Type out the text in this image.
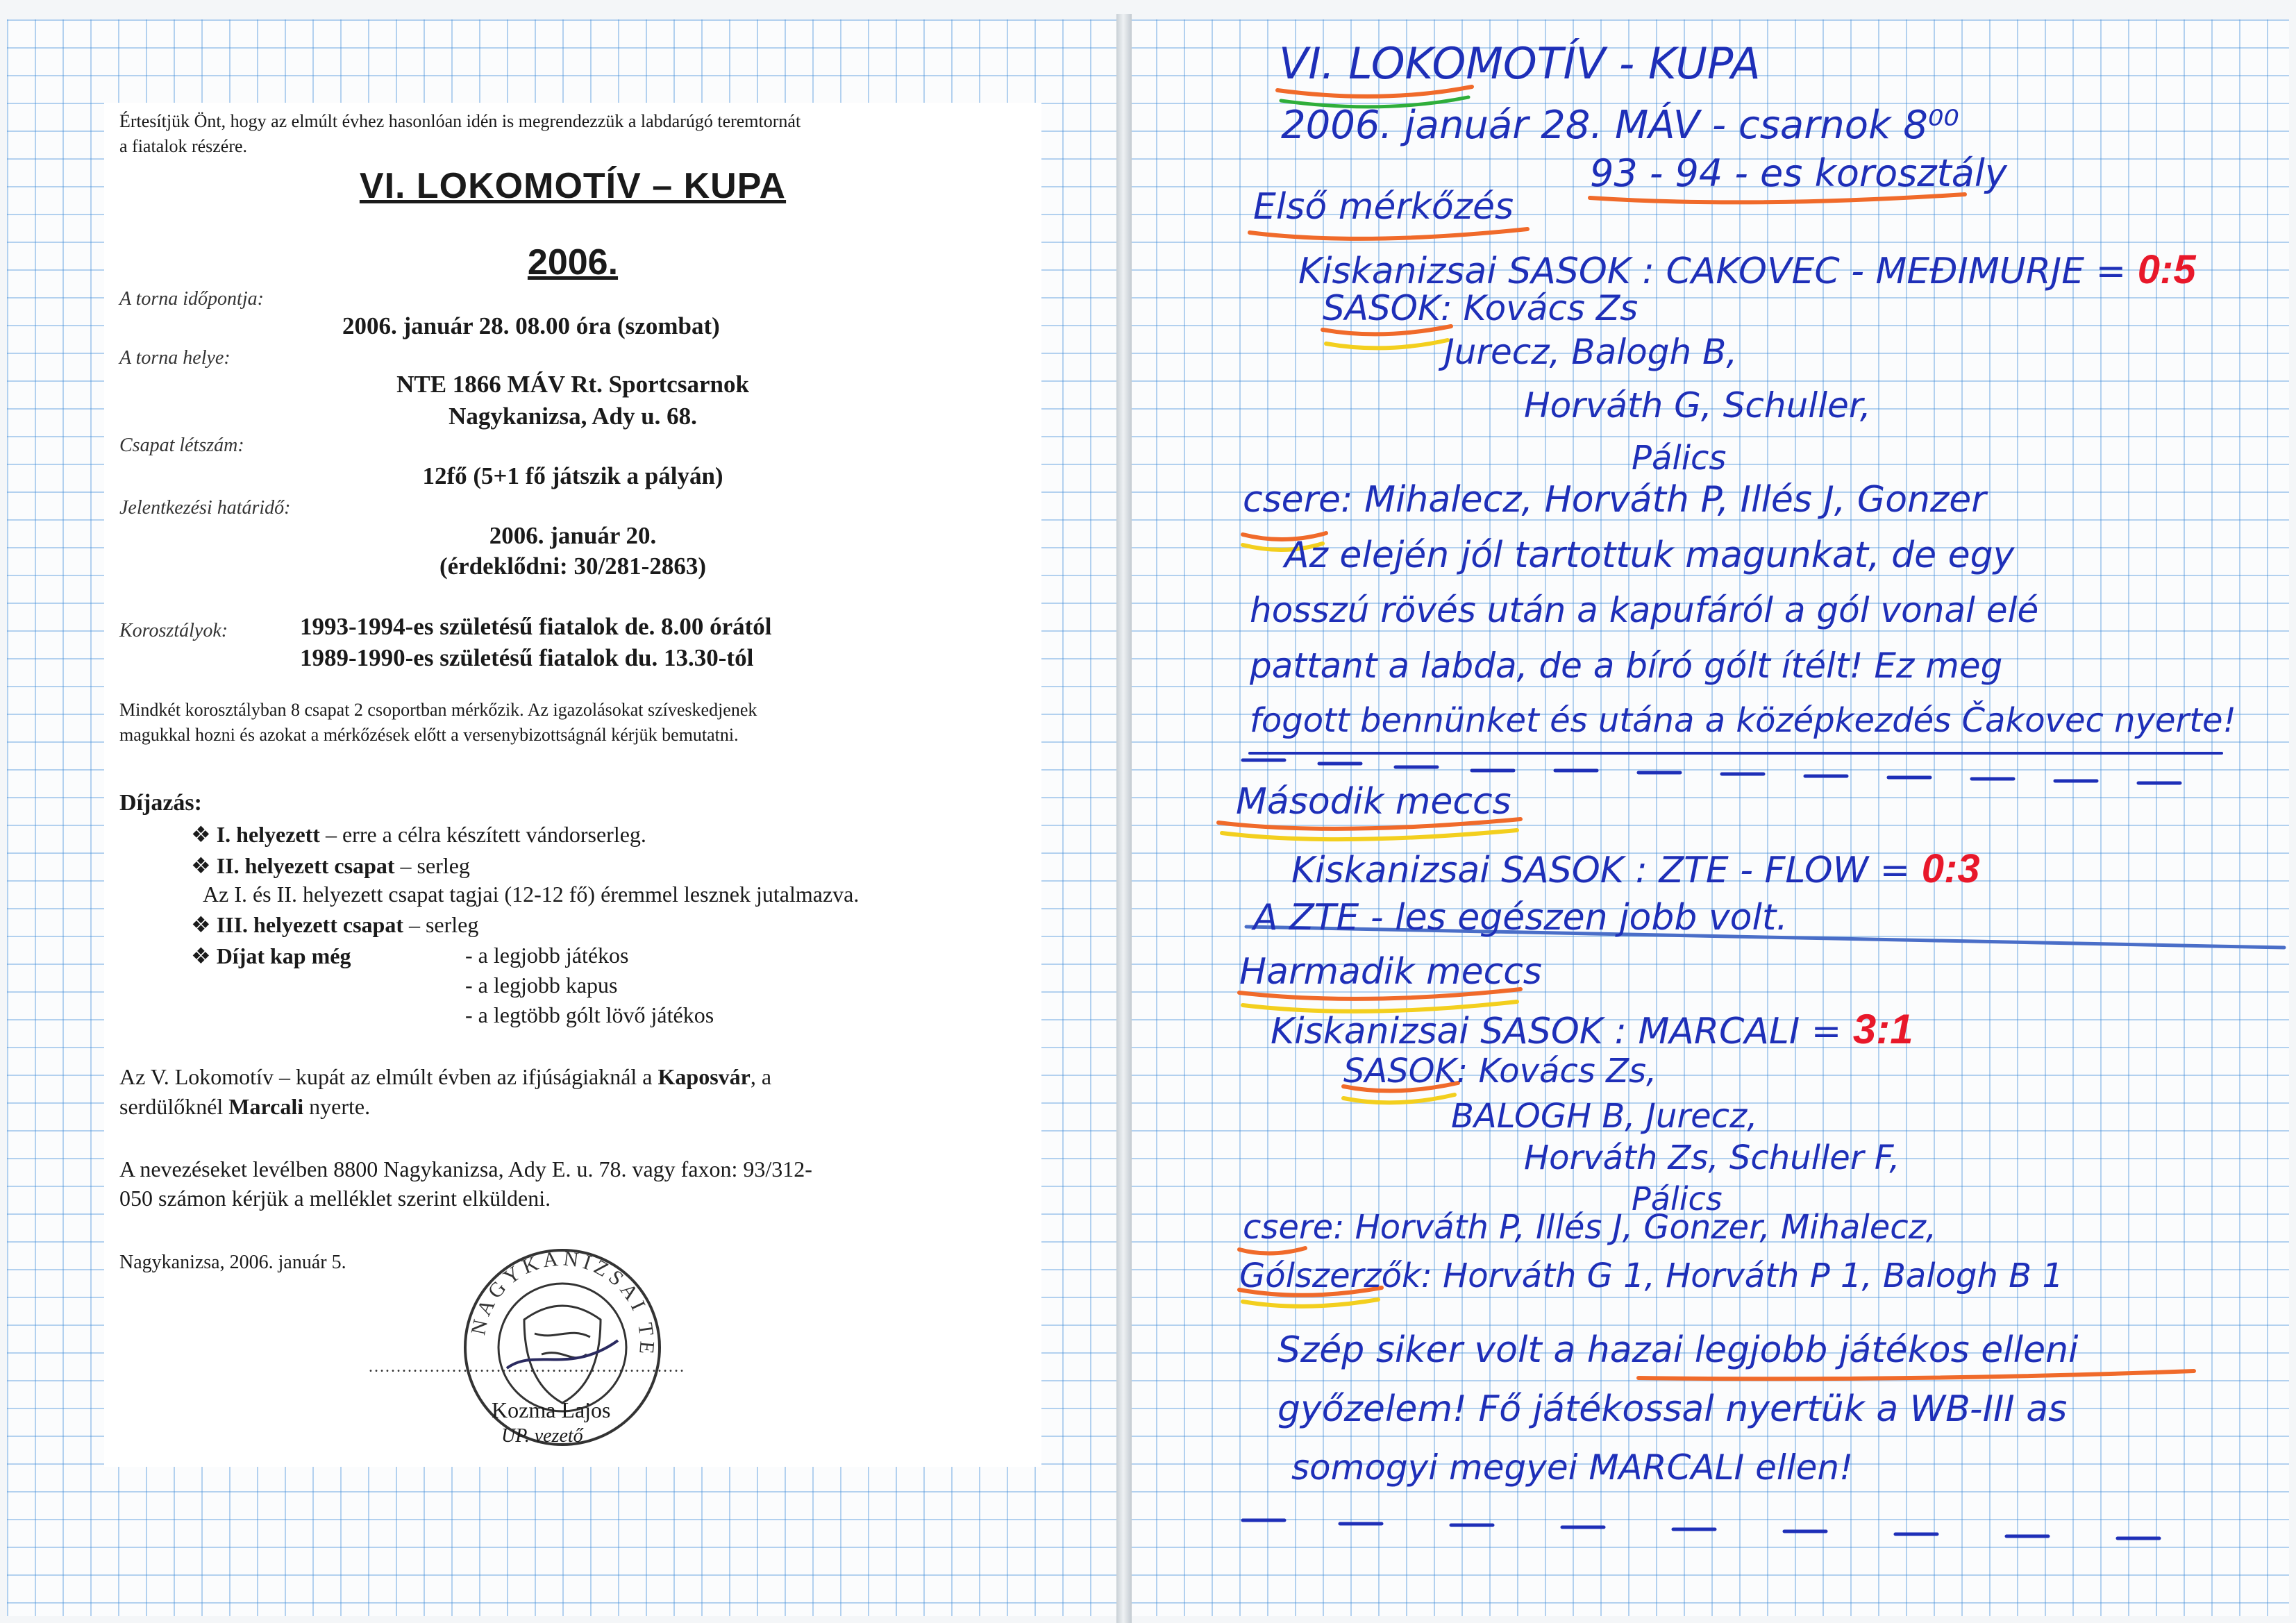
Értesítjük Önt, hogy az elmúlt évhez hasonlóan idén is megrendezzük a labdarúgó teremtornát
a fiatalok részére.
VI. LOKOMOTÍV – KUPA
2006.
A torna időpontja:
2006. január 28. 08.00 óra (szombat)
A torna helye:
NTE 1866 MÁV Rt. Sportcsarnok
Nagykanizsa, Ady u. 68.
Csapat létszám:
12fő (5+1 fő játszik a pályán)
Jelentkezési határidő:
2006. január 20.
(érdeklődni: 30/281-2863)
Korosztályok:	1993-1994-es születésű fiatalok de. 8.00 órától
1989-1990-es születésű fiatalok du. 13.30-tól
Mindkét korosztályban 8 csapat 2 csoportban mérkőzik. Az igazolásokat szíveskedjenek
magukkal hozni és azokat a mérkőzések előtt a versenybizottságnál kérjük bemutatni.
Díjazás:
❖ I. helyezett – erre a célra készített vándorserleg.
❖ II. helyezett csapat – serleg
Az I. és II. helyezett csapat tagjai (12-12 fő) éremmel lesznek jutalmazva.
❖ III. helyezett csapat – serleg
❖ Díjat kap még	- a legjobb játékos
- a legjobb kapus
- a legtöbb gólt lövő játékos
Az V. Lokomotív – kupát az elmúlt évben az ifjúságiaknál a Kaposvár, a
serdülőknél Marcali nyerte.
A nevezéseket levélben 8800 Nagykanizsa, Ady E. u. 78. vagy faxon: 93/312-
050 számon kérjük a melléklet szerint elküldeni.
Nagykanizsa, 2006. január 5.
…………………………………………………
NAGYKANIZSAI TE
Kozma Lajos
UP. vezető
VI. LOKOMOTÍV - KUPA
2006. január 28. MÁV - csarnok 8⁰⁰
93 - 94 - es korosztály
Első mérkőzés
Kiskanizsai SASOK : CAKOVEC - MEĐIMURJE = 0:5
SASOK: Kovács Zs
Jurecz, Balogh B,
Horváth G, Schuller,
Pálics
csere: Mihalecz, Horváth P, Illés J, Gonzer
Az elején jól tartottuk magunkat, de egy
hosszú rövés után a kapufáról a gól vonal elé
pattant a labda, de a bíró gólt ítélt! Ez meg
fogott bennünket és utána a középkezdés Čakovec nyerte!
Második meccs
Kiskanizsai SASOK : ZTE - FLOW = 0:3
A ZTE - les egészen jobb volt.
Harmadik meccs
Kiskanizsai SASOK : MARCALI = 3:1
SASOK: Kovács Zs,
BALOGH B, Jurecz,
Horváth Zs, Schuller F,
Pálics
csere: Horváth P, Illés J, Gonzer, Mihalecz,
Gólszerzők: Horváth G 1, Horváth P 1, Balogh B 1
Szép siker volt a hazai legjobb játékos elleni
győzelem! Fő játékossal nyertük a WB-III as
somogyi megyei MARCALI ellen!
